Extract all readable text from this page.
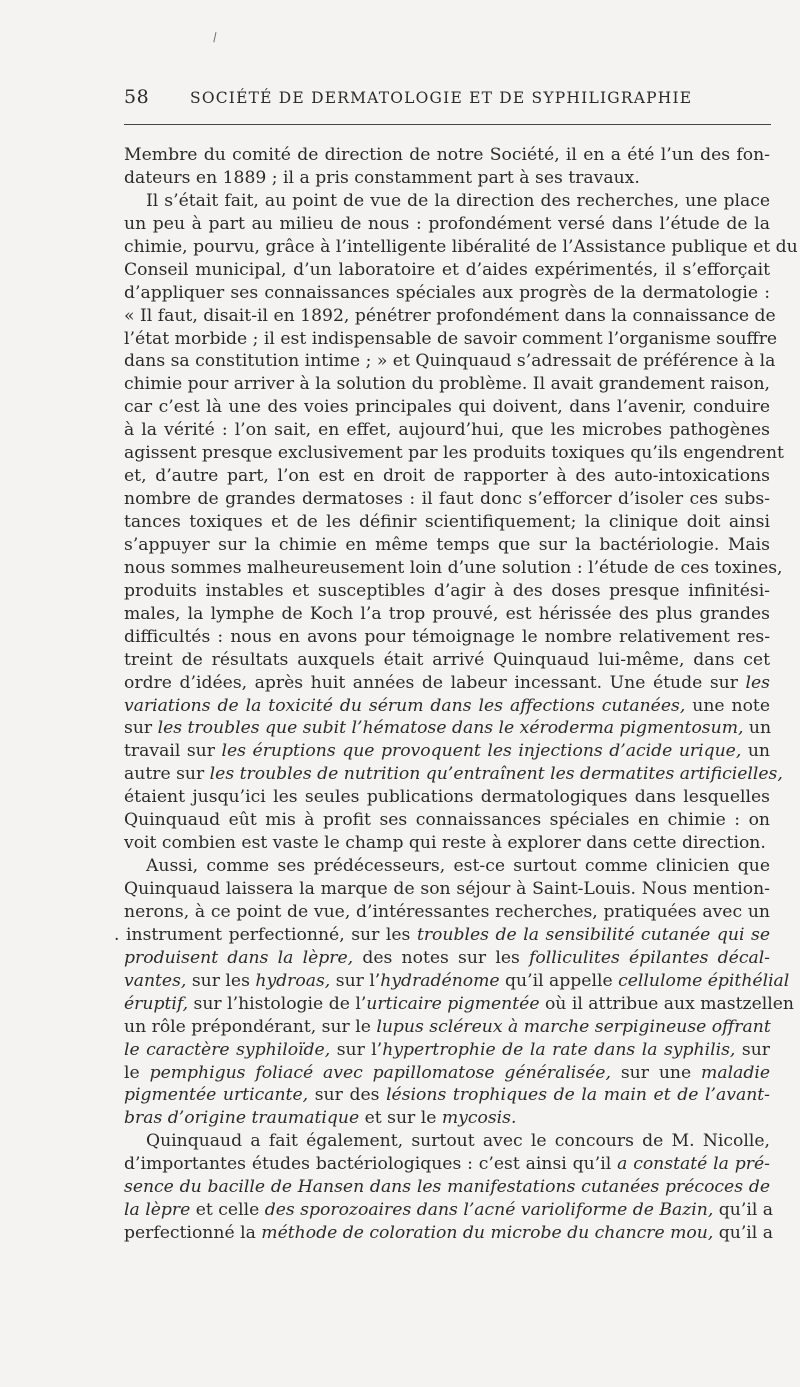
\
58	SOCIÉTÉ DE DERMATOLOGIE ET DE SYPHILIGRAPHIE
Membre du comité de direction de notre Société, il en a été l’un des fon-
dateurs en 1889 ; il a pris constamment part à ses travaux.
Il s’était fait, au point de vue de la direction des recherches, une place
un peu à part au milieu de nous : profondément versé dans l’étude de la
chimie, pourvu, grâce à l’intelligente libéralité de l’Assistance publique et du
Conseil municipal, d’un laboratoire et d’aides expérimentés, il s’efforçait
d’appliquer ses connaissances spéciales aux progrès de la dermatologie :
« Il faut, disait-il en 1892, pénétrer profondément dans la connaissance de
l’état morbide ; il est indispensable de savoir comment l’organisme souffre
dans sa constitution intime ; » et Quinquaud s’adressait de préférence à la
chimie pour arriver à la solution du problème. Il avait grandement raison,
car c’est là une des voies principales qui doivent, dans l’avenir, conduire
à la vérité : l’on sait, en effet, aujourd’hui, que les microbes pathogènes
agissent presque exclusivement par les produits toxiques qu’ils engendrent
et, d’autre part, l’on est en droit de rapporter à des auto-intoxications
nombre de grandes dermatoses : il faut donc s’efforcer d’isoler ces subs-
tances toxiques et de les définir scientifiquement; la clinique doit ainsi
s’appuyer sur la chimie en même temps que sur la bactériologie. Mais
nous sommes malheureusement loin d’une solution : l’étude de ces toxines,
produits instables et susceptibles d’agir à des doses presque infinitési-
males, la lymphe de Koch l’a trop prouvé, est hérissée des plus grandes
difficultés : nous en avons pour témoignage le nombre relativement res-
treint de résultats auxquels était arrivé Quinquaud lui-même, dans cet
ordre d’idées, après huit années de labeur incessant. Une étude sur les
variations de la toxicité du sérum dans les affections cutanées, une note
sur les troubles que subit l’hématose dans le xéroderma pigmentosum, un
travail sur les éruptions que provoquent les injections d’acide urique, un
autre sur les troubles de nutrition qu’entraînent les dermatites artificielles,
étaient jusqu’ici les seules publications dermatologiques dans lesquelles
Quinquaud eût mis à profit ses connaissances spéciales en chimie : on
voit combien est vaste le champ qui reste à explorer dans cette direction.
Aussi, comme ses prédécesseurs, est-ce surtout comme clinicien que
Quinquaud laissera la marque de son séjour à Saint-Louis. Nous mention-
nerons, à ce point de vue, d’intéressantes recherches, pratiquées avec un
. instrument perfectionné, sur les troubles de la sensibilité cutanée qui se
produisent dans la lèpre, des notes sur les folliculites épilantes décal-
vantes, sur les hydroas, sur l’hydradénome qu’il appelle cellulome épithélial
éruptif, sur l’histologie de l’urticaire pigmentée où il attribue aux mastzellen
un rôle prépondérant, sur le lupus scléreux à marche serpigineuse offrant
le caractère syphiloïde, sur l’hypertrophie de la rate dans la syphilis, sur
le pemphigus foliacé avec papillomatose généralisée, sur une maladie
pigmentée urticante, sur des lésions trophiques de la main et de l’avant-
bras d’origine traumatique et sur le mycosis.
Quinquaud a fait également, surtout avec le concours de M. Nicolle,
d’importantes études bactériologiques : c’est ainsi qu’il a constaté la pré-
sence du bacille de Hansen dans les manifestations cutanées précoces de
la lèpre et celle des sporozoaires dans l’acné varioliforme de Bazin, qu’il a
perfectionné la méthode de coloration du microbe du chancre mou, qu’il a
